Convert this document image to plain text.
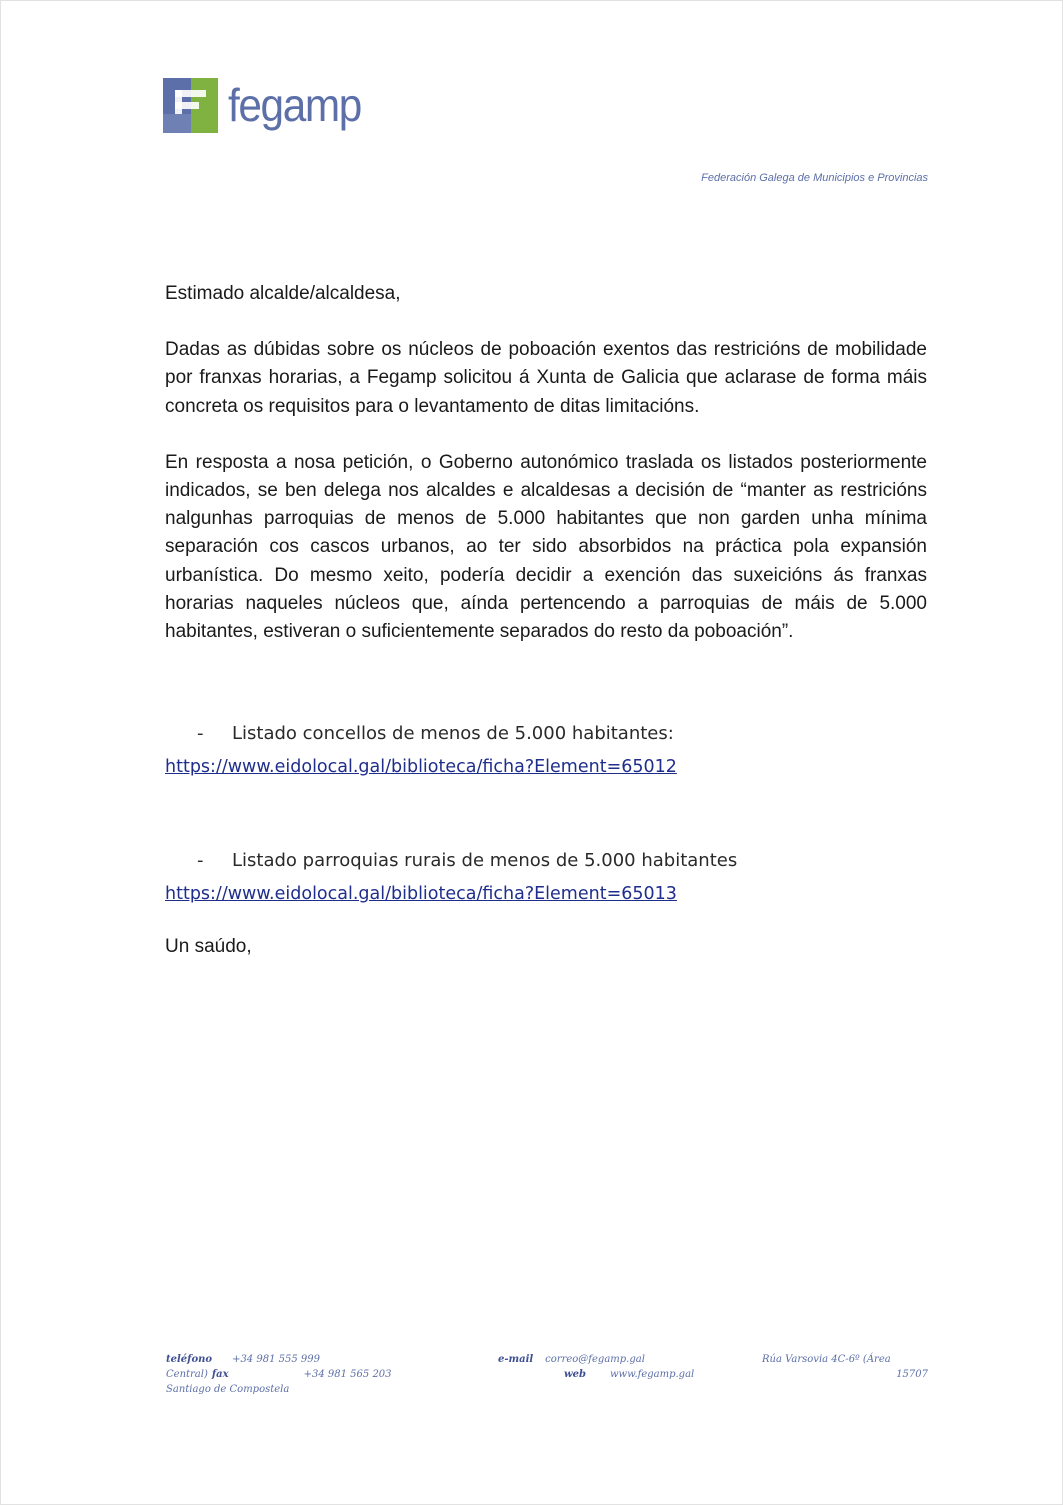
fegamp
Federación Galega de Municipios e Provincias

Estimado alcalde/alcaldesa,

Dadas as dúbidas sobre os núcleos de poboación exentos das restricións de mobilidade por franxas horarias, a Fegamp solicitou á Xunta de Galicia que aclarase de forma máis concreta os requisitos para o levantamento de ditas limitacións.

En resposta a nosa petición, o Goberno autonómico traslada os listados posteriormente indicados, se ben delega nos alcaldes e alcaldesas a decisión de “manter as restricións nalgunhas parroquias de menos de 5.000 habitantes que non garden unha mínima separación cos cascos urbanos, ao ter sido absorbidos na práctica pola expansión urbanística. Do mesmo xeito, podería decidir a exención das suxeicións ás franxas horarias naqueles núcleos que, aínda pertencendo a parroquias de máis de 5.000 habitantes, estiveran o suficientemente separados do resto da poboación”.

-	Listado concellos de menos de 5.000 habitantes:
https://www.eidolocal.gal/biblioteca/ficha?Element=65012
-	Listado parroquias rurais de menos de 5.000 habitantes
https://www.eidolocal.gal/biblioteca/ficha?Element=65013
Un saúdo,
teléfono +34 981 555 999
Central) fax	+34 981 565 203
Santiago de Compostela
e-mail correo@fegamp.gal
web www.fegamp.gal
Rúa Varsovia 4C-6º (Área
15707
